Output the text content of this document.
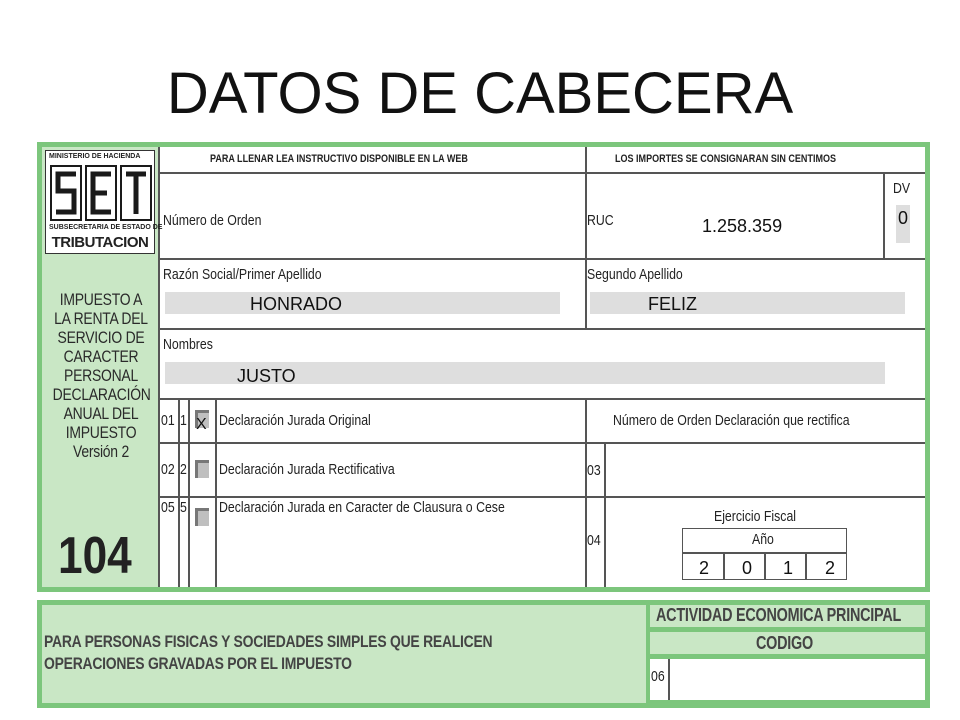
DATOS DE CABECERA
MINISTERIO DE HACIENDA
SUBSECRETARIA DE ESTADO DE
TRIBUTACION
IMPUESTO A LA RENTA DEL SERVICIO DE CARACTER PERSONAL DECLARACIÓN ANUAL DEL IMPUESTO Versión 2
104
PARA LLENAR LEA INSTRUCTIVO DISPONIBLE EN LA WEB	LOS IMPORTES SE CONSIGNARAN SIN CENTIMOS
Número de Orden	RUC	1.258.359
DV
0
Razón Social/Primer Apellido
HONRADO
Segundo Apellido
FELIZ
Nombres
JUSTO
01 1 X Declaración Jurada Original	Número de Orden Declaración que rectifica
02 2 Declaración Jurada Rectificativa	03
05 5 Declaración Jurada en Caracter de Clausura o Cese
04
Ejercicio Fiscal
Año
2 0 1 2
PARA PERSONAS FISICAS Y SOCIEDADES SIMPLES QUE REALICEN
OPERACIONES GRAVADAS POR EL IMPUESTO
ACTIVIDAD ECONOMICA PRINCIPAL
CODIGO
06
